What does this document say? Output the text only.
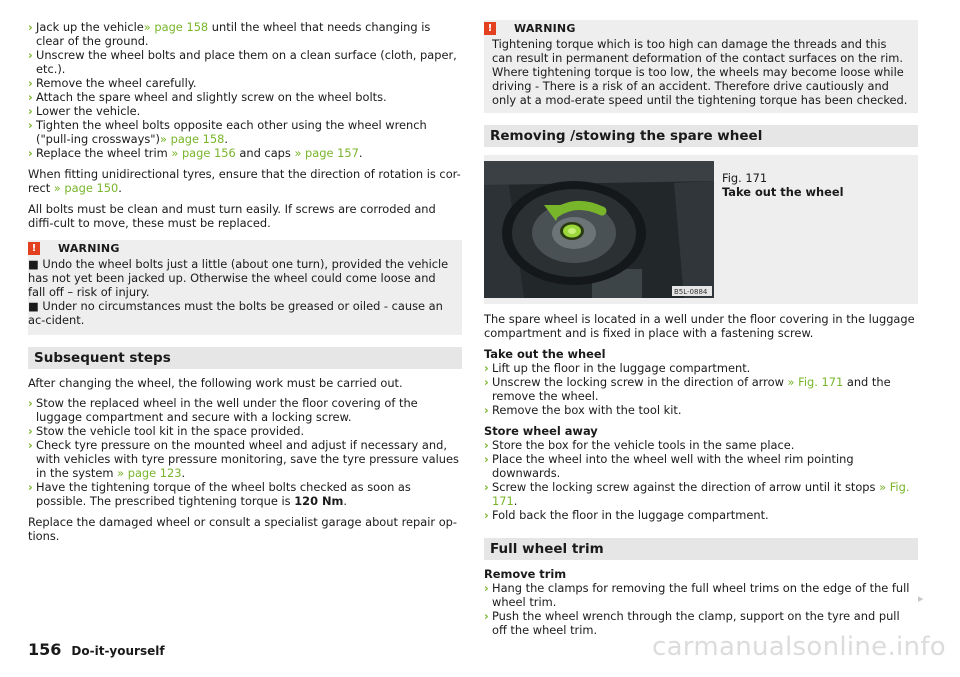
› Jack up the vehicle» page 158 until the wheel that needs changing is clear of the ground.
› Unscrew the wheel bolts and place them on a clean surface (cloth, paper, etc.).
› Remove the wheel carefully.
› Attach the spare wheel and slightly screw on the wheel bolts.
› Lower the vehicle.
› Tighten the wheel bolts opposite each other using the wheel wrench ("pull-ing crossways")» page 158.
› Replace the wheel trim » page 156 and caps » page 157.

When fitting unidirectional tyres, ensure that the direction of rotation is cor-rect » page 150.

All bolts must be clean and must turn easily. If screws are corroded and diffi-cult to move, these must be replaced.

!	WARNING
■ Undo the wheel bolts just a little (about one turn), provided the vehicle has not yet been jacked up. Otherwise the wheel could come loose and fall off – risk of injury.
■ Under no circumstances must the bolts be greased or oiled - cause an ac-cident.
Subsequent steps

After changing the wheel, the following work must be carried out.

› Stow the replaced wheel in the well under the floor covering of the luggage compartment and secure with a locking screw.
› Stow the vehicle tool kit in the space provided.
› Check tyre pressure on the mounted wheel and adjust if necessary and, with vehicles with tyre pressure monitoring, save the tyre pressure values in the system » page 123.
› Have the tightening torque of the wheel bolts checked as soon as possible. The prescribed tightening torque is 120 Nm.

Replace the damaged wheel or consult a specialist garage about repair op-tions.

!	WARNING
Tightening torque which is too high can damage the threads and this can result in permanent deformation of the contact surfaces on the rim. Where tightening torque is too low, the wheels may become loose while driving - There is a risk of an accident. Therefore drive cautiously and only at a mod-erate speed until the tightening torque has been checked.
Removing /stowing the spare wheel
B5L-0884
Fig. 171
Take out the wheel

The spare wheel is located in a well under the floor covering in the luggage compartment and is fixed in place with a fastening screw.

Take out the wheel

› Lift up the floor in the luggage compartment.
› Unscrew the locking screw in the direction of arrow » Fig. 171 and the remove the wheel.
› Remove the box with the tool kit.

Store wheel away

› Store the box for the vehicle tools in the same place.
› Place the wheel into the wheel well with the wheel rim pointing downwards.
› Screw the locking screw against the direction of arrow until it stops » Fig. 171.
› Fold back the floor in the luggage compartment.
Full wheel trim

Remove trim

› Hang the clamps for removing the full wheel trims on the edge of the full wheel trim.
› Push the wheel wrench through the clamp, support on the tyre and pull off the wheel trim.
▸
156 Do-it-yourself	carmanualsonline.info
